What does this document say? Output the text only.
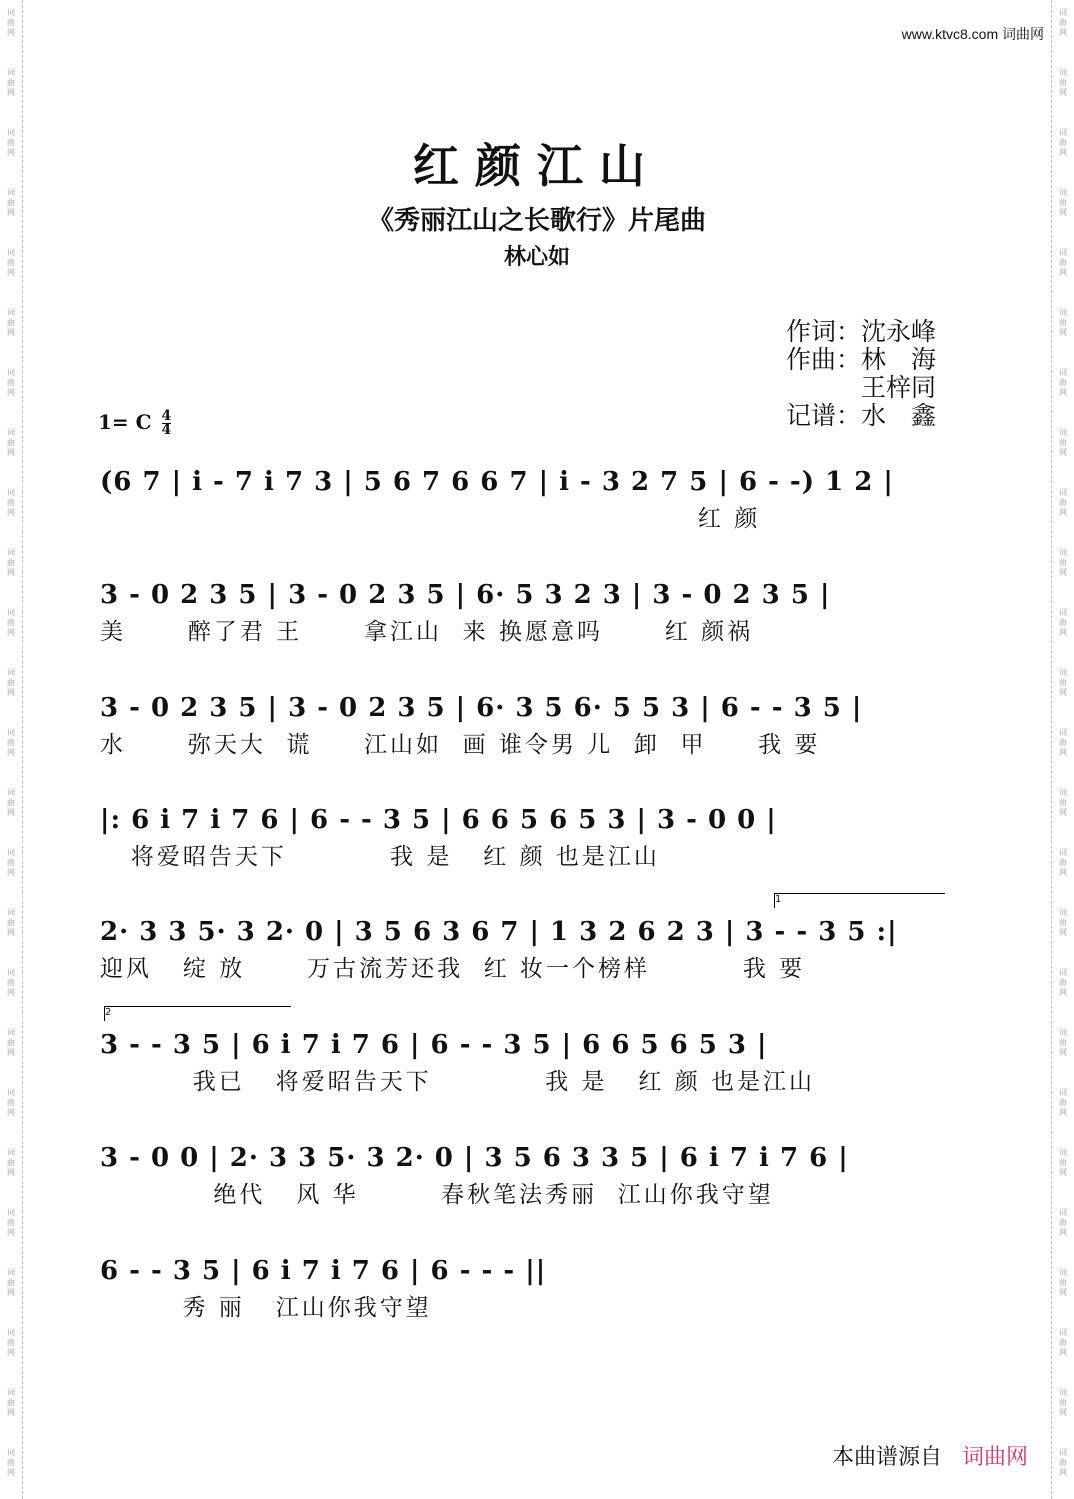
词
曲
网
词
曲
网
词
曲
网
词
曲
网
词
曲
网
词
曲
网
词
曲
网
词
曲
网
词
曲
网
词
曲
网
词
曲
网
词
曲
网
词
曲
网
词
曲
网
词
曲
网
词
曲
网
词
曲
网
词
曲
网
词
曲
网
词
曲
网
词
曲
网
词
曲
网
词
曲
网
词
曲
网
词
曲
网
词
曲
网
词
曲
网
词
曲
网
词
曲
网
词
曲
网
词
曲
网
词
曲
网
词
曲
网
词
曲
网
词
曲
网
词
曲
网
词
曲
网
词
曲
网
词
曲
网
词
曲
网
词
曲
网
词
曲
网
词
曲
网
词
曲
网
词
曲
网
词
曲
网
词
曲
网
词
曲
网
词
曲
网
词
曲
网
www.ktvc8.com 词曲网
红颜江山
《秀丽江山之长歌行》片尾曲
林心如
作词：沈永峰
作曲：林　海
　　　王梓同
记谱：水　鑫
1= C $\frac{4}{4}$
(6 7 | i - 7 i 7 3 | 5 6 7 6 6 7 | i - 3 2 7 5 | 6 - -) 1 2 |
红 颜
3 - 0 2 3 5 | 3 - 0 2 3 5 | 6· 5 3 2 3 | 3 - 0 2 3 5 |
美      醉了君 王      拿江山  来 换愿意吗      红 颜祸
3 - 0 2 3 5 | 3 - 0 2 3 5 | 6· 3 5 6· 5 5 3 | 6 - - 3 5 |
水      弥天大  谎     江山如  画 谁令男 儿  卸  甲     我 要
|: 6 i 7 i 7 6 | 6 - - 3 5 | 6 6 5 6 5 3 | 3 - 0 0 |
将爱昭告天下          我 是   红 颜 也是江山
1
2· 3 3 5· 3 2· 0 | 3 5 6 3 6 7 | 1 3 2 6 2 3 | 3 - - 3 5 :|
迎风   绽 放      万古流芳还我  红 妆一个榜样         我 要
2
3 - - 3 5 | 6 i 7 i 7 6 | 6 - - 3 5 | 6 6 5 6 5 3 |
我已   将爱昭告天下           我 是   红 颜 也是江山
3 - 0 0 | 2· 3 3 5· 3 2· 0 | 3 5 6 3 3 5 | 6 i 7 i 7 6 |
绝代   风 华        春秋笔法秀丽  江山你我守望
6 - - 3 5 | 6 i 7 i 7 6 | 6 - - - ||
秀 丽   江山你我守望
本曲谱源自 词曲网
